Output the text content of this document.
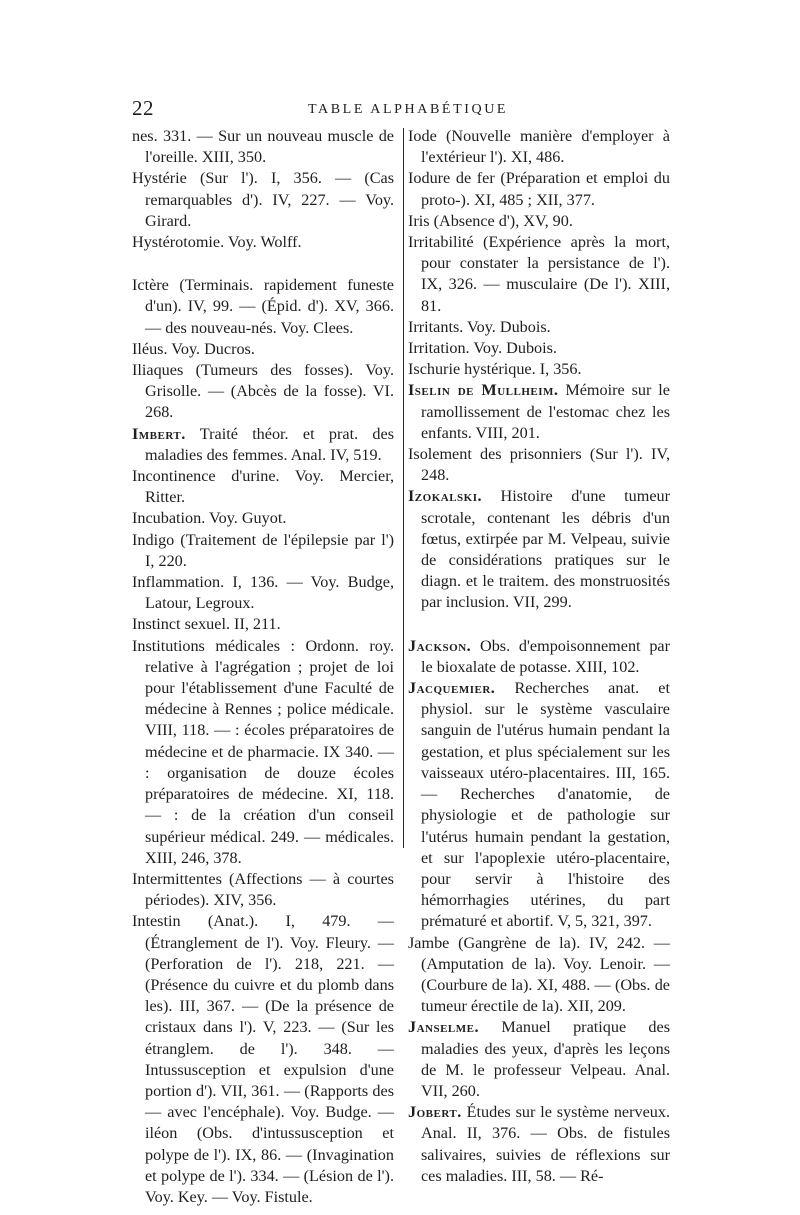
22	TABLE ALPHABÉTIQUE

nes. 331. — Sur un nouveau muscle de l'oreille. XIII, 350.

Hystérie (Sur l'). I, 356. — (Cas remarquables d'). IV, 227. — Voy. Girard.

Hystérotomie. Voy. Wolff.

Ictère (Terminais. rapidement funeste d'un). IV, 99. — (Épid. d'). XV, 366. — des nouveau-nés. Voy. Clees.

Iléus. Voy. Ducros.

Iliaques (Tumeurs des fosses). Voy. Grisolle. — (Abcès de la fosse). VI. 268.

Imbert. Traité théor. et prat. des maladies des femmes. Anal. IV, 519.

Incontinence d'urine. Voy. Mercier, Ritter.

Incubation. Voy. Guyot.

Indigo (Traitement de l'épilepsie par l') I, 220.

Inflammation. I, 136. — Voy. Budge, Latour, Legroux.

Instinct sexuel. II, 211.

Institutions médicales : Ordonn. roy. relative à l'agrégation ; projet de loi pour l'établissement d'une Faculté de médecine à Rennes ; police médicale. VIII, 118. — : écoles préparatoires de médecine et de pharmacie. IX 340. — : organisation de douze écoles préparatoires de médecine. XI, 118. — : de la création d'un conseil supérieur médical. 249. — médicales. XIII, 246, 378.

Intermittentes (Affections — à courtes périodes). XIV, 356.

Intestin (Anat.). I, 479. — (Étranglement de l'). Voy. Fleury. — (Perforation de l'). 218, 221. — (Présence du cuivre et du plomb dans les). III, 367. — (De la présence de cristaux dans l'). V, 223. — (Sur les étranglem. de l'). 348. — Intussusception et expulsion d'une portion d'). VII, 361. — (Rapports des — avec l'encéphale). Voy. Budge. — iléon (Obs. d'intussusception et polype de l'). IX, 86. — (Invagination et polype de l'). 334. — (Lésion de l'). Voy. Key. — Voy. Fistule.

Iode (Nouvelle manière d'employer à l'extérieur l'). XI, 486.

Iodure de fer (Préparation et emploi du proto-). XI, 485 ; XII, 377.

Iris (Absence d'), XV, 90.

Irritabilité (Expérience après la mort, pour constater la persistance de l'). IX, 326. — musculaire (De l'). XIII, 81.

Irritants. Voy. Dubois.

Irritation. Voy. Dubois.

Ischurie hystérique. I, 356.

Iselin de Mullheim. Mémoire sur le ramollissement de l'estomac chez les enfants. VIII, 201.

Isolement des prisonniers (Sur l'). IV, 248.

Izokalski. Histoire d'une tumeur scrotale, contenant les débris d'un fœtus, extirpée par M. Velpeau, suivie de considérations pratiques sur le diagn. et le traitem. des monstruosités par inclusion. VII, 299.

Jackson. Obs. d'empoisonnement par le bioxalate de potasse. XIII, 102.

Jacquemier. Recherches anat. et physiol. sur le système vasculaire sanguin de l'utérus humain pendant la gestation, et plus spécialement sur les vaisseaux utéro-placentaires. III, 165. — Recherches d'anatomie, de physiologie et de pathologie sur l'utérus humain pendant la gestation, et sur l'apoplexie utéro-placentaire, pour servir à l'histoire des hémorrhagies utérines, du part prématuré et abortif. V, 5, 321, 397.

Jambe (Gangrène de la). IV, 242. — (Amputation de la). Voy. Lenoir. — (Courbure de la). XI, 488. — (Obs. de tumeur érectile de la). XII, 209.

Janselme. Manuel pratique des maladies des yeux, d'après les leçons de M. le professeur Velpeau. Anal. VII, 260.

Jobert. Études sur le système nerveux. Anal. II, 376. — Obs. de fistules salivaires, suivies de réflexions sur ces maladies. III, 58. — Ré-
